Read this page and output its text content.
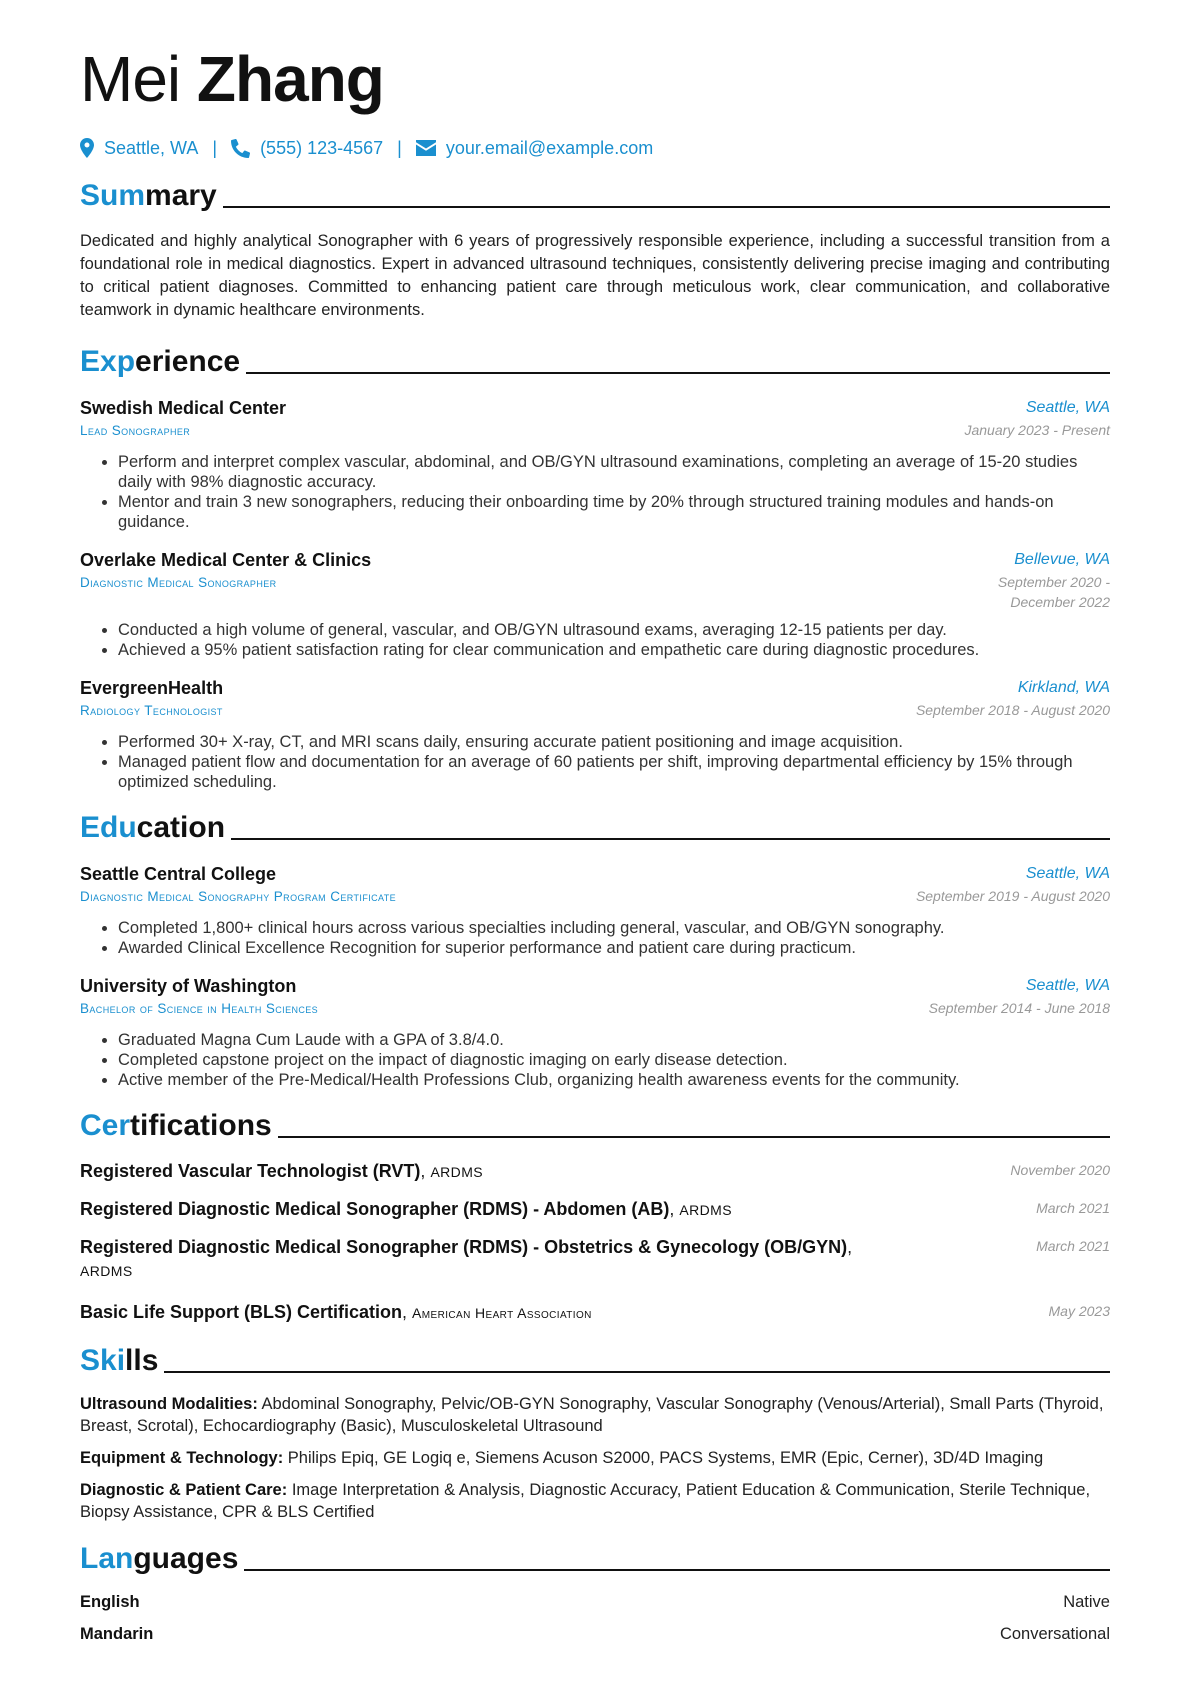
Mei Zhang
Seattle, WA | (555) 123-4567 | your.email@example.com
Summary
Dedicated and highly analytical Sonographer with 6 years of progressively responsible experience, including a successful transition from a foundational role in medical diagnostics. Expert in advanced ultrasound techniques, consistently delivering precise imaging and contributing to critical patient diagnoses. Committed to enhancing patient care through meticulous work, clear communication, and collaborative teamwork in dynamic healthcare environments.
Experience
Swedish Medical Center
Lead Sonographer
Seattle, WA
January 2023 - Present
• Perform and interpret complex vascular, abdominal, and OB/GYN ultrasound examinations, completing an average of 15-20 studies daily with 98% diagnostic accuracy.
• Mentor and train 3 new sonographers, reducing their onboarding time by 20% through structured training modules and hands-on guidance.
Overlake Medical Center & Clinics
Diagnostic Medical Sonographer
Bellevue, WA
September 2020 - December 2022
• Conducted a high volume of general, vascular, and OB/GYN ultrasound exams, averaging 12-15 patients per day.
• Achieved a 95% patient satisfaction rating for clear communication and empathetic care during diagnostic procedures.
EvergreenHealth
Radiology Technologist
Kirkland, WA
September 2018 - August 2020
• Performed 30+ X-ray, CT, and MRI scans daily, ensuring accurate patient positioning and image acquisition.
• Managed patient flow and documentation for an average of 60 patients per shift, improving departmental efficiency by 15% through optimized scheduling.
Education
Seattle Central College
Diagnostic Medical Sonography Program Certificate
Seattle, WA
September 2019 - August 2020
• Completed 1,800+ clinical hours across various specialties including general, vascular, and OB/GYN sonography.
• Awarded Clinical Excellence Recognition for superior performance and patient care during practicum.
University of Washington
Bachelor of Science in Health Sciences
Seattle, WA
September 2014 - June 2018
• Graduated Magna Cum Laude with a GPA of 3.8/4.0.
• Completed capstone project on the impact of diagnostic imaging on early disease detection.
• Active member of the Pre-Medical/Health Professions Club, organizing health awareness events for the community.
Certifications
Registered Vascular Technologist (RVT), ARDMS	November 2020
Registered Diagnostic Medical Sonographer (RDMS) - Abdomen (AB), ARDMS	March 2021
Registered Diagnostic Medical Sonographer (RDMS) - Obstetrics & Gynecology (OB/GYN), ARDMS
March 2021
Basic Life Support (BLS) Certification, American Heart Association	May 2023
Skills
Ultrasound Modalities: Abdominal Sonography, Pelvic/OB-GYN Sonography, Vascular Sonography (Venous/Arterial), Small Parts (Thyroid, Breast, Scrotal), Echocardiography (Basic), Musculoskeletal Ultrasound
Equipment & Technology: Philips Epiq, GE Logiq e, Siemens Acuson S2000, PACS Systems, EMR (Epic, Cerner), 3D/4D Imaging
Diagnostic & Patient Care: Image Interpretation & Analysis, Diagnostic Accuracy, Patient Education & Communication, Sterile Technique, Biopsy Assistance, CPR & BLS Certified
Languages
English	Native
Mandarin	Conversational
